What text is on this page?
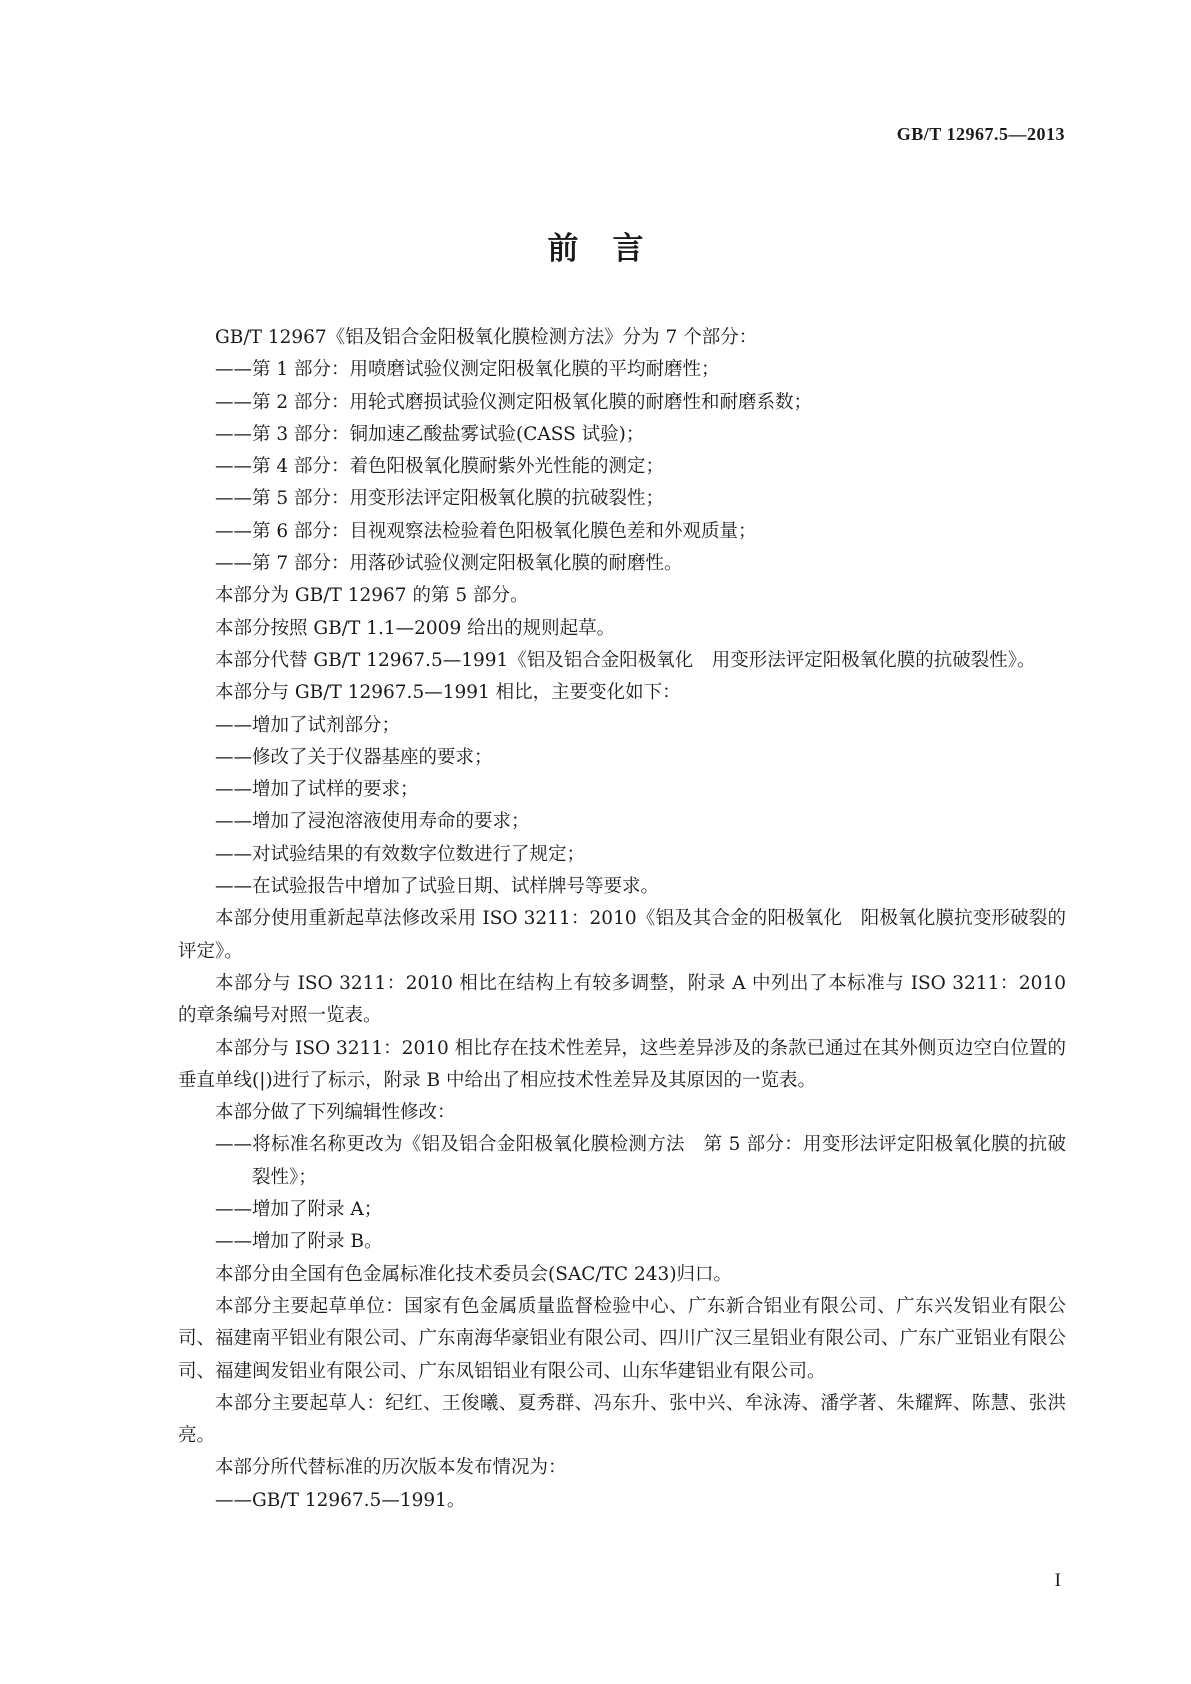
GB/T 12967.5—2013
前言

GB/T 12967《铝及铝合金阳极氧化膜检测方法》分为 7 个部分：

——第 1 部分：用喷磨试验仪测定阳极氧化膜的平均耐磨性；

——第 2 部分：用轮式磨损试验仪测定阳极氧化膜的耐磨性和耐磨系数；

——第 3 部分：铜加速乙酸盐雾试验(CASS 试验)；

——第 4 部分：着色阳极氧化膜耐紫外光性能的测定；

——第 5 部分：用变形法评定阳极氧化膜的抗破裂性；

——第 6 部分：目视观察法检验着色阳极氧化膜色差和外观质量；

——第 7 部分：用落砂试验仪测定阳极氧化膜的耐磨性。

本部分为 GB/T 12967 的第 5 部分。

本部分按照 GB/T 1.1—2009 给出的规则起草。

本部分代替 GB/T 12967.5—1991《铝及铝合金阳极氧化　用变形法评定阳极氧化膜的抗破裂性》。

本部分与 GB/T 12967.5—1991 相比，主要变化如下：

——增加了试剂部分；

——修改了关于仪器基座的要求；

——增加了试样的要求；

——增加了浸泡溶液使用寿命的要求；

——对试验结果的有效数字位数进行了规定；

——在试验报告中增加了试验日期、试样牌号等要求。

本部分使用重新起草法修改采用 ISO 3211：2010《铝及其合金的阳极氧化　阳极氧化膜抗变形破裂的评定》。

本部分与 ISO 3211：2010 相比在结构上有较多调整，附录 A 中列出了本标准与 ISO 3211：2010 的章条编号对照一览表。

本部分与 ISO 3211：2010 相比存在技术性差异，这些差异涉及的条款已通过在其外侧页边空白位置的垂直单线(|)进行了标示，附录 B 中给出了相应技术性差异及其原因的一览表。

本部分做了下列编辑性修改：

——将标准名称更改为《铝及铝合金阳极氧化膜检测方法　第 5 部分：用变形法评定阳极氧化膜的抗破裂性》；

——增加了附录 A；

——增加了附录 B。

本部分由全国有色金属标准化技术委员会(SAC/TC 243)归口。

本部分主要起草单位：国家有色金属质量监督检验中心、广东新合铝业有限公司、广东兴发铝业有限公司、福建南平铝业有限公司、广东南海华豪铝业有限公司、四川广汉三星铝业有限公司、广东广亚铝业有限公司、福建闽发铝业有限公司、广东凤铝铝业有限公司、山东华建铝业有限公司。

本部分主要起草人：纪红、王俊曦、夏秀群、冯东升、张中兴、牟泳涛、潘学著、朱耀辉、陈慧、张洪亮。

本部分所代替标准的历次版本发布情况为：

——GB/T 12967.5—1991。

I
